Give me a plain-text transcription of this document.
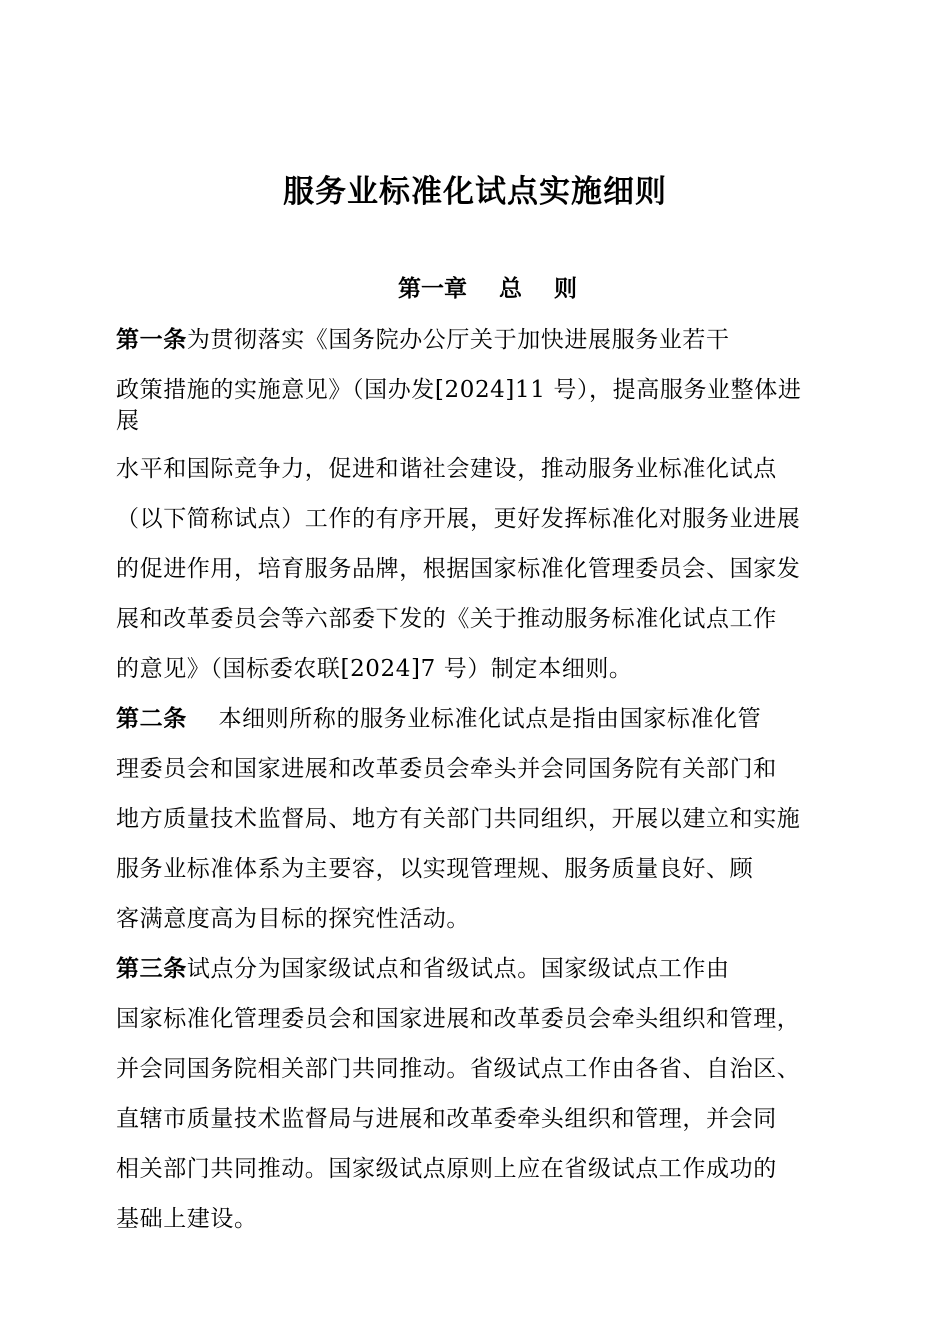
服务业标准化试点实施细则
第一章    总    则
第一条为贯彻落实《国务院办公厅关于加快进展服务业若干
政策措施的实施意见》（国办发[2024]11 号），提高服务业整体进
展
水平和国际竞争力，促进和谐社会建设，推动服务业标准化试点
（以下简称试点）工作的有序开展，更好发挥标准化对服务业进展
的促进作用，培育服务品牌，根据国家标准化管理委员会、国家发
展和改革委员会等六部委下发的《关于推动服务标准化试点工作
的意见》（国标委农联[2024]7 号）制定本细则。
第二条    本细则所称的服务业标准化试点是指由国家标准化管
理委员会和国家进展和改革委员会牵头并会同国务院有关部门和
地方质量技术监督局、地方有关部门共同组织，开展以建立和实施
服务业标准体系为主要容，以实现管理规、服务质量良好、顾
客满意度高为目标的探究性活动。
第三条试点分为国家级试点和省级试点。国家级试点工作由
国家标准化管理委员会和国家进展和改革委员会牵头组织和管理，
并会同国务院相关部门共同推动。省级试点工作由各省、自治区、
直辖市质量技术监督局与进展和改革委牵头组织和管理，并会同
相关部门共同推动。国家级试点原则上应在省级试点工作成功的
基础上建设。
